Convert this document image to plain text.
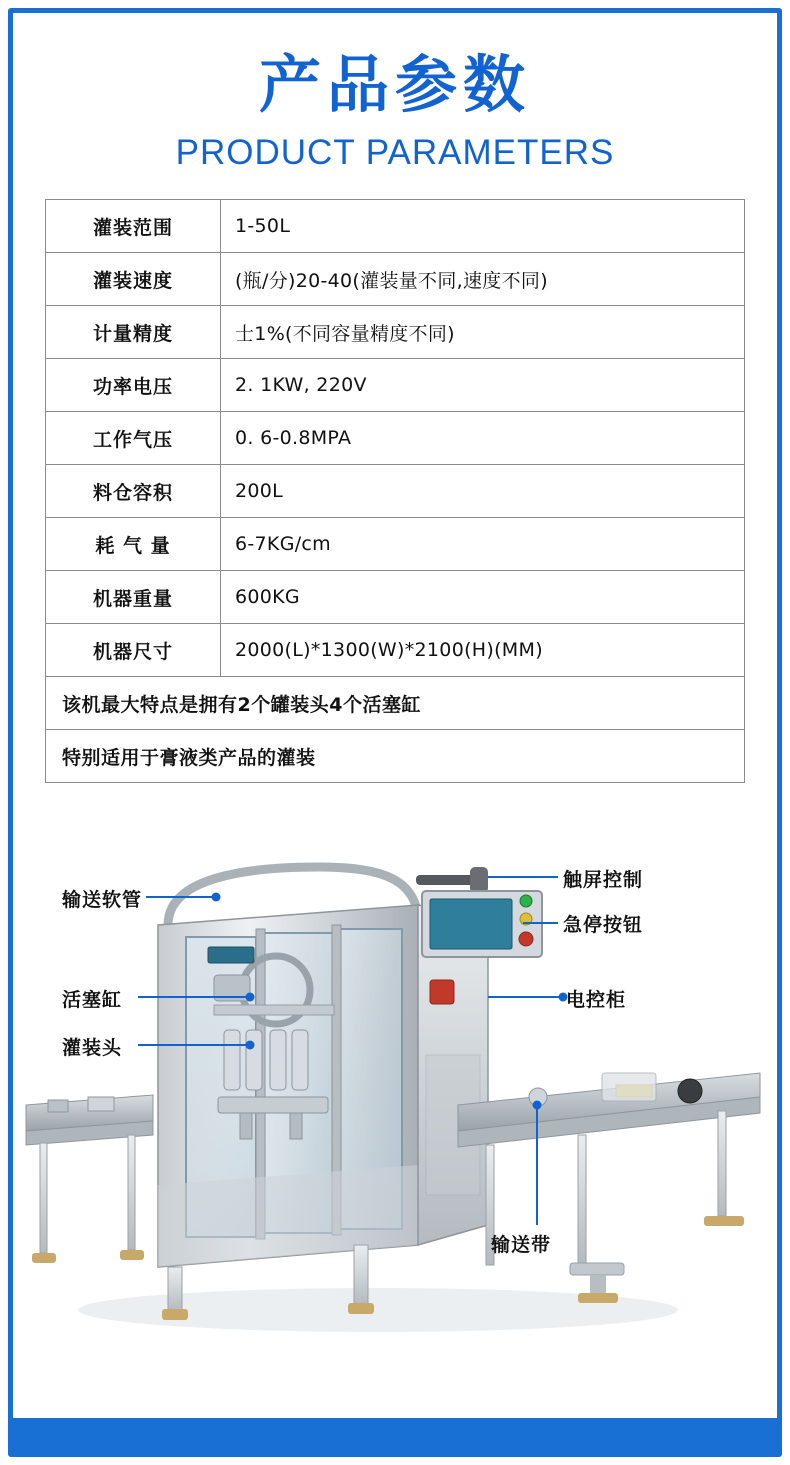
产品参数
PRODUCT PARAMETERS
灌装范围	1-50L
灌装速度	(瓶/分)20-40(灌装量不同,速度不同)
计量精度	士1%(不同容量精度不同)
功率电压	2. 1KW, 220V
工作气压	0. 6-0.8MPA
料仓容积	200L
耗 气 量	6-7KG/cm
机器重量	600KG
机器尺寸	2000(L)*1300(W)*2100(H)(MM)
该机最大特点是拥有2个罐装头4个活塞缸	
特别适用于膏液类产品的灌装	
输送软管
活塞缸
灌装头
触屏控制
急停按钮
电控柜
输送带
